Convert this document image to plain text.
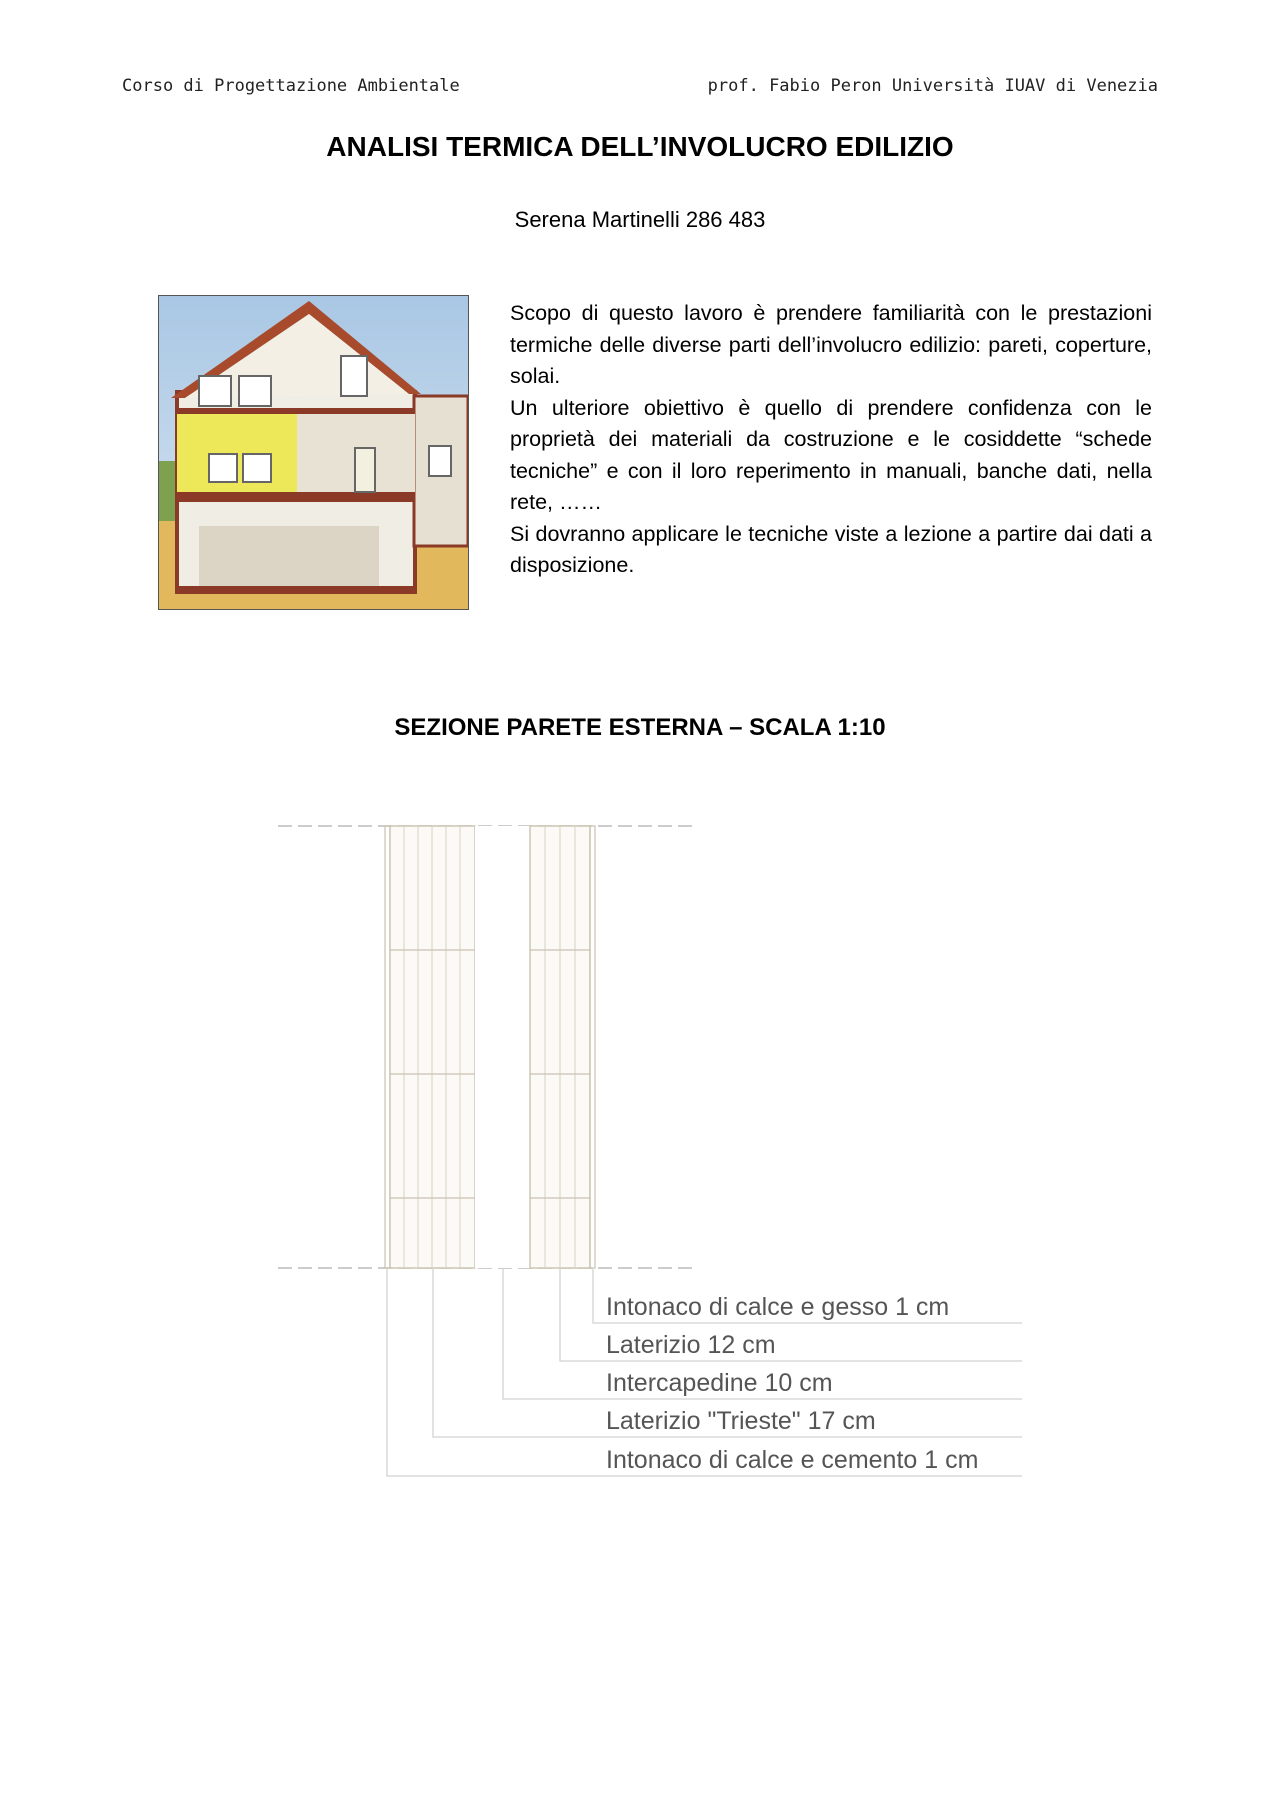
Corso di Progettazione Ambientale	prof. Fabio Peron Università IUAV di Venezia
ANALISI TERMICA DELL’INVOLUCRO EDILIZIO
Serena Martinelli 286 483

Scopo di questo lavoro è prendere familiarità con le prestazioni termiche delle diverse parti dell’involucro edilizio: pareti, coperture, solai.

Un ulteriore obiettivo è quello di prendere confidenza con le proprietà dei materiali da costruzione e le cosiddette “schede tecniche” e con il loro reperimento in manuali, banche dati, nella rete, ……

Si dovranno applicare le tecniche viste a lezione a partire dai dati a disposizione.

SEZIONE PARETE ESTERNA – SCALA 1:10
Intonaco di calce e gesso 1 cm
Laterizio 12 cm
Intercapedine 10 cm
Laterizio "Trieste" 17 cm
Intonaco di calce e cemento 1 cm
